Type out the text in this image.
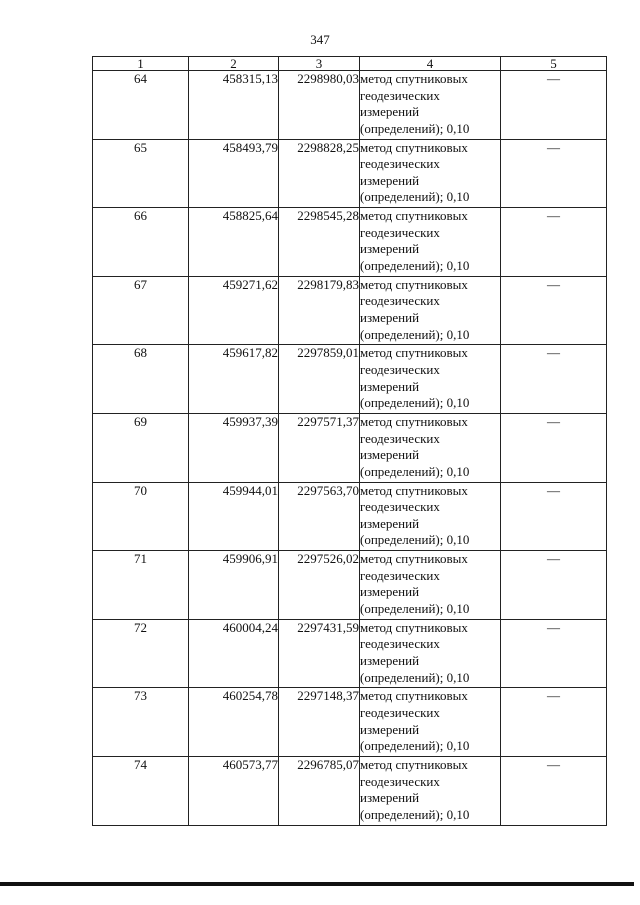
347
1	2	3	4	5
64	458315,13	2298980,03	метод спутниковых
геодезических
измерений
(определений); 0,10	—
65	458493,79	2298828,25	метод спутниковых
геодезических
измерений
(определений); 0,10	—
66	458825,64	2298545,28	метод спутниковых
геодезических
измерений
(определений); 0,10	—
67	459271,62	2298179,83	метод спутниковых
геодезических
измерений
(определений); 0,10	—
68	459617,82	2297859,01	метод спутниковых
геодезических
измерений
(определений); 0,10	—
69	459937,39	2297571,37	метод спутниковых
геодезических
измерений
(определений); 0,10	—
70	459944,01	2297563,70	метод спутниковых
геодезических
измерений
(определений); 0,10	—
71	459906,91	2297526,02	метод спутниковых
геодезических
измерений
(определений); 0,10	—
72	460004,24	2297431,59	метод спутниковых
геодезических
измерений
(определений); 0,10	—
73	460254,78	2297148,37	метод спутниковых
геодезических
измерений
(определений); 0,10	—
74	460573,77	2296785,07	метод спутниковых
геодезических
измерений
(определений); 0,10	—
